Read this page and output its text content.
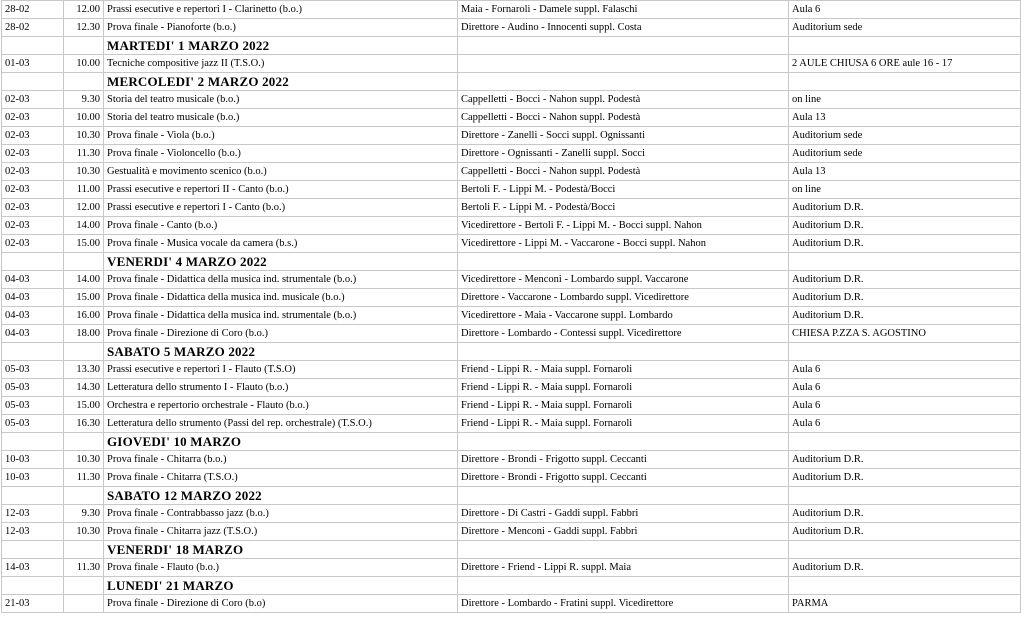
28-02	12.00	Prassi esecutive e repertori I - Clarinetto (b.o.)	Maia - Fornaroli - Damele suppl. Falaschi	Aula 6
28-02	12.30	Prova finale - Pianoforte (b.o.)	Direttore - Audino - Innocenti suppl. Costa	Auditorium sede
		MARTEDI' 1 MARZO 2022		
01-03	10.00	Tecniche compositive jazz II (T.S.O.)		2 AULE CHIUSA 6 ORE aule 16 - 17
		MERCOLEDI' 2 MARZO 2022		
02-03	9.30	Storia del teatro musicale (b.o.)	Cappelletti - Bocci - Nahon suppl. Podestà	on line
02-03	10.00	Storia del teatro musicale (b.o.)	Cappelletti - Bocci - Nahon suppl. Podestà	Aula 13
02-03	10.30	Prova finale - Viola (b.o.)	Direttore - Zanelli - Socci suppl. Ognissanti	Auditorium sede
02-03	11.30	Prova finale - Violoncello (b.o.)	Direttore - Ognissanti - Zanelli suppl. Socci	Auditorium sede
02-03	10.30	Gestualità e movimento scenico (b.o.)	Cappelletti - Bocci - Nahon suppl. Podestà	Aula 13
02-03	11.00	Prassi esecutive e repertori II - Canto (b.o.)	Bertoli F. - Lippi M. - Podestà/Bocci	on line
02-03	12.00	Prassi esecutive e repertori I - Canto (b.o.)	Bertoli F. - Lippi M. - Podestà/Bocci	Auditorium D.R.
02-03	14.00	Prova finale - Canto (b.o.)	Vicedirettore - Bertoli F. - Lippi M. - Bocci suppl. Nahon	Auditorium D.R.
02-03	15.00	Prova finale - Musica vocale da camera (b.s.)	Vicedirettore - Lippi M. - Vaccarone - Bocci suppl. Nahon	Auditorium D.R.
		VENERDI' 4 MARZO 2022		
04-03	14.00	Prova finale - Didattica della musica ind. strumentale (b.o.)	Vicedirettore - Menconi - Lombardo suppl. Vaccarone	Auditorium D.R.
04-03	15.00	Prova finale - Didattica della musica ind. musicale (b.o.)	Direttore - Vaccarone - Lombardo suppl. Vicedirettore	Auditorium D.R.
04-03	16.00	Prova finale - Didattica della musica ind. strumentale (b.o.)	Vicedirettore - Maia - Vaccarone suppl. Lombardo	Auditorium D.R.
04-03	18.00	Prova finale - Direzione di Coro (b.o.)	Direttore - Lombardo - Contessi suppl. Vicedirettore	CHIESA P.ZZA S. AGOSTINO
		SABATO 5 MARZO 2022		
05-03	13.30	Prassi esecutive e repertori I - Flauto (T.S.O)	Friend - Lippi R. - Maia suppl. Fornaroli	Aula 6
05-03	14.30	Letteratura dello strumento I - Flauto (b.o.)	Friend - Lippi R. - Maia suppl. Fornaroli	Aula 6
05-03	15.00	Orchestra e repertorio orchestrale - Flauto (b.o.)	Friend - Lippi R. - Maia suppl. Fornaroli	Aula 6
05-03	16.30	Letteratura dello strumento (Passi del rep. orchestrale) (T.S.O.)	Friend - Lippi R. - Maia suppl. Fornaroli	Aula 6
		GIOVEDI' 10 MARZO		
10-03	10.30	Prova finale - Chitarra (b.o.)	Direttore - Brondi - Frigotto suppl. Ceccanti	Auditorium D.R.
10-03	11.30	Prova finale - Chitarra (T.S.O.)	Direttore - Brondi - Frigotto suppl. Ceccanti	Auditorium D.R.
		SABATO 12 MARZO 2022		
12-03	9.30	Prova finale - Contrabbasso jazz (b.o.)	Direttore - Di Castri - Gaddi suppl. Fabbri	Auditorium D.R.
12-03	10.30	Prova finale - Chitarra jazz (T.S.O.)	Direttore - Menconi - Gaddi suppl. Fabbri	Auditorium D.R.
		VENERDI' 18 MARZO		
14-03	11.30	Prova finale - Flauto (b.o.)	Direttore - Friend - Lippi R. suppl. Maia	Auditorium D.R.
		LUNEDI' 21 MARZO		
21-03		Prova finale - Direzione di Coro (b.o)	Direttore - Lombardo - Fratini suppl. Vicedirettore	PARMA
